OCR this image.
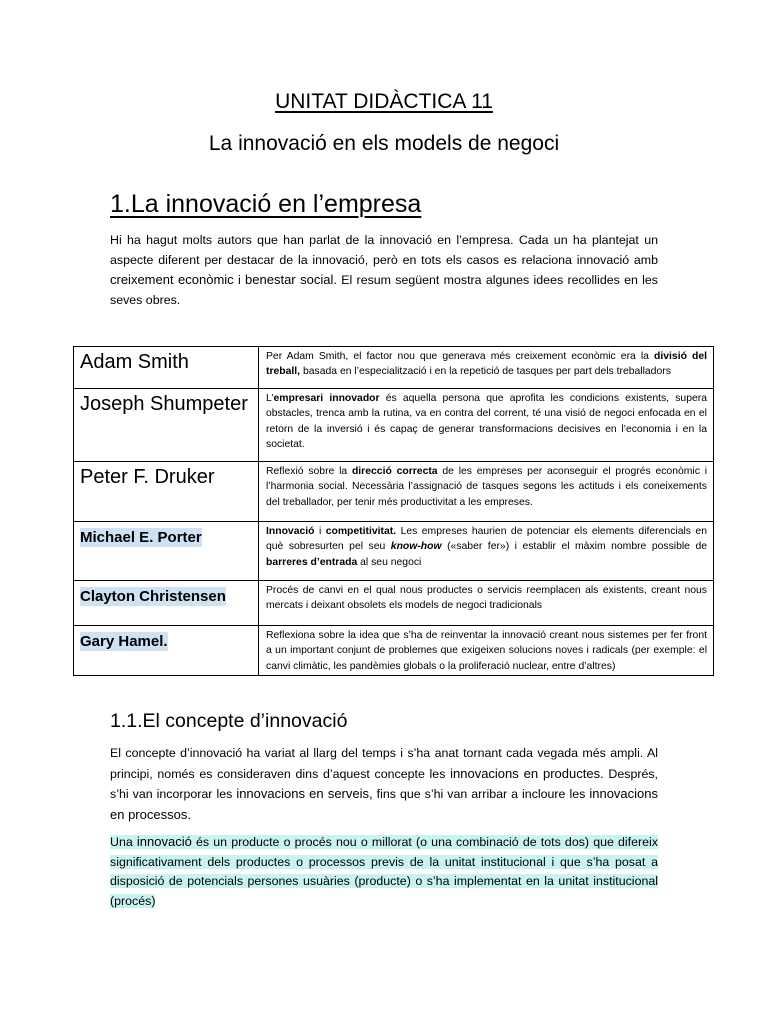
UNITAT DIDÀCTICA 11
La innovació en els models de negoci
1.La innovació en l’empresa
Hi ha hagut molts autors que han parlat de la innovació en l’empresa. Cada un ha plantejat un aspecte diferent per destacar de la innovació, però en tots els casos es relaciona innovació amb creixement econòmic i benestar social. El resum següent mostra algunes idees recollides en les seves obres.
Adam Smith	Per Adam Smith, el factor nou que generava més creixement econòmic era la divisió del treball, basada en l’especialització i en la repetició de tasques per part dels treballadors

Joseph Shumpeter	L’empresari innovador és aquella persona que aprofita les condicions existents, supera obstacles, trenca amb la rutina, va en contra del corrent, té una visió de negoci enfocada en el retorn de la inversió i és capaç de generar transformacions decisives en l’economia i en la societat.

Peter F. Druker	Reflexió sobre la direcció correcta de les empreses per aconseguir el progrés econòmic i l’harmonia social. Necessària l’assignació de tasques segons les actituds i els coneixements del treballador, per tenir més productivitat a les empreses.

Michael E. Porter	Innovació i competitivitat. Les empreses haurien de potenciar els elements diferencials en què sobresurten pel seu know-how («saber fer») i establir el màxim nombre possible de barreres d’entrada al seu negoci

Clayton Christensen	Procés de canvi en el qual nous productes o servicis reemplacen als existents, creant nous mercats i deixant obsolets els models de negoci tradicionals

Gary Hamel.	Reflexiona sobre la idea que s’ha de reinventar la innovació creant nous sistemes per fer front a un important conjunt de problemes que exigeixen solucions noves i radicals (per exemple: el canvi climàtic, les pandèmies globals o la proliferació nuclear, entre d’altres)
1.1.El concepte d’innovació
El concepte d’innovació ha variat al llarg del temps i s’ha anat tornant cada vegada més ampli. Al principi, només es consideraven dins d’aquest concepte les innovacions en productes. Després, s’hi van incorporar les innovacions en serveis, fins que s’hi van arribar a incloure les innovacions en processos.
Una innovació és un producte o procés nou o millorat (o una combinació de tots dos) que difereix significativament dels productes o processos previs de la unitat institucional i que s’ha posat a disposició de potencials persones usuàries (producte) o s’ha implementat en la unitat institucional (procés)
